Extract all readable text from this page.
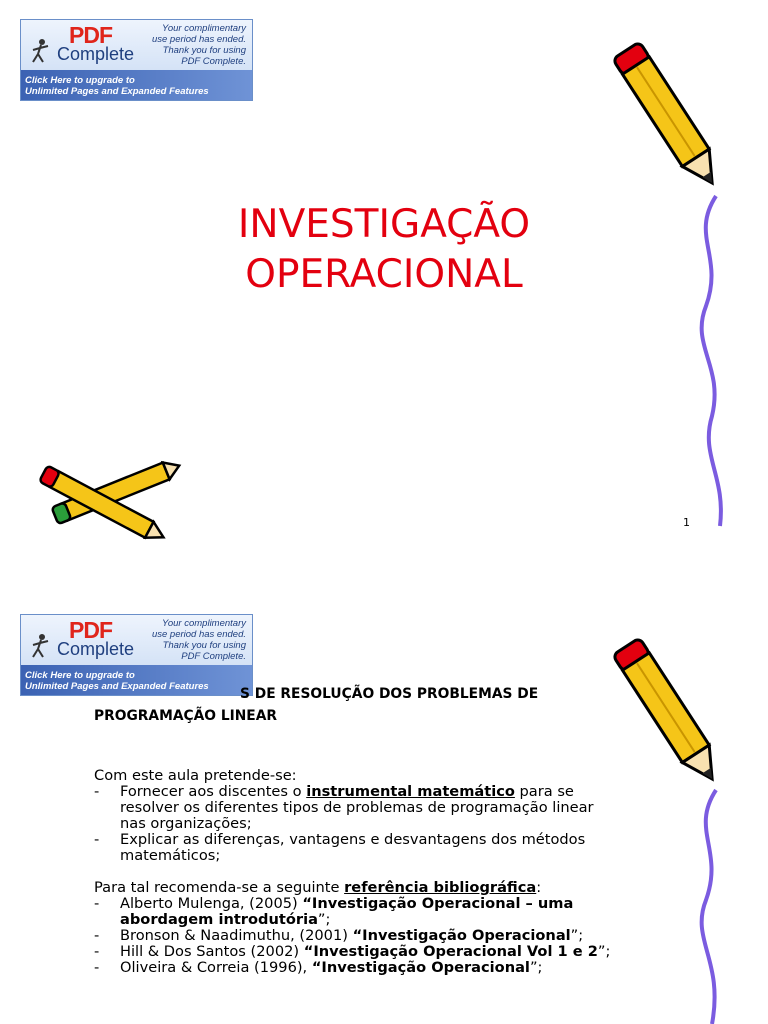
PDF
Complete
Your complimentary
use period has ended.
Thank you for using
PDF Complete.
Click Here to upgrade to
Unlimited Pages and Expanded Features
INVESTIGAÇÃO
OPERACIONAL
1
PDF
Complete
Your complimentary
use period has ended.
Thank you for using
PDF Complete.
Click Here to upgrade to
Unlimited Pages and Expanded Features	S DE RESOLUÇÃO DOS PROBLEMAS DE
PROGRAMAÇÃO LINEAR

Com este aula pretende-se:

- Fornecer aos discentes o instrumental matemático para se
resolver os diferentes tipos de problemas de programação linear
nas organizações;
- Explicar as diferenças, vantagens e desvantagens dos métodos
matemáticos;

Para tal recomenda-se a seguinte referência bibliográfica:

- Alberto Mulenga, (2005) “Investigação Operacional – uma
abordagem introdutória”;
- Bronson & Naadimuthu, (2001) “Investigação Operacional”;
- Hill & Dos Santos (2002) “Investigação Operacional Vol 1 e 2”;
- Oliveira & Correia (1996), “Investigação Operacional”;
